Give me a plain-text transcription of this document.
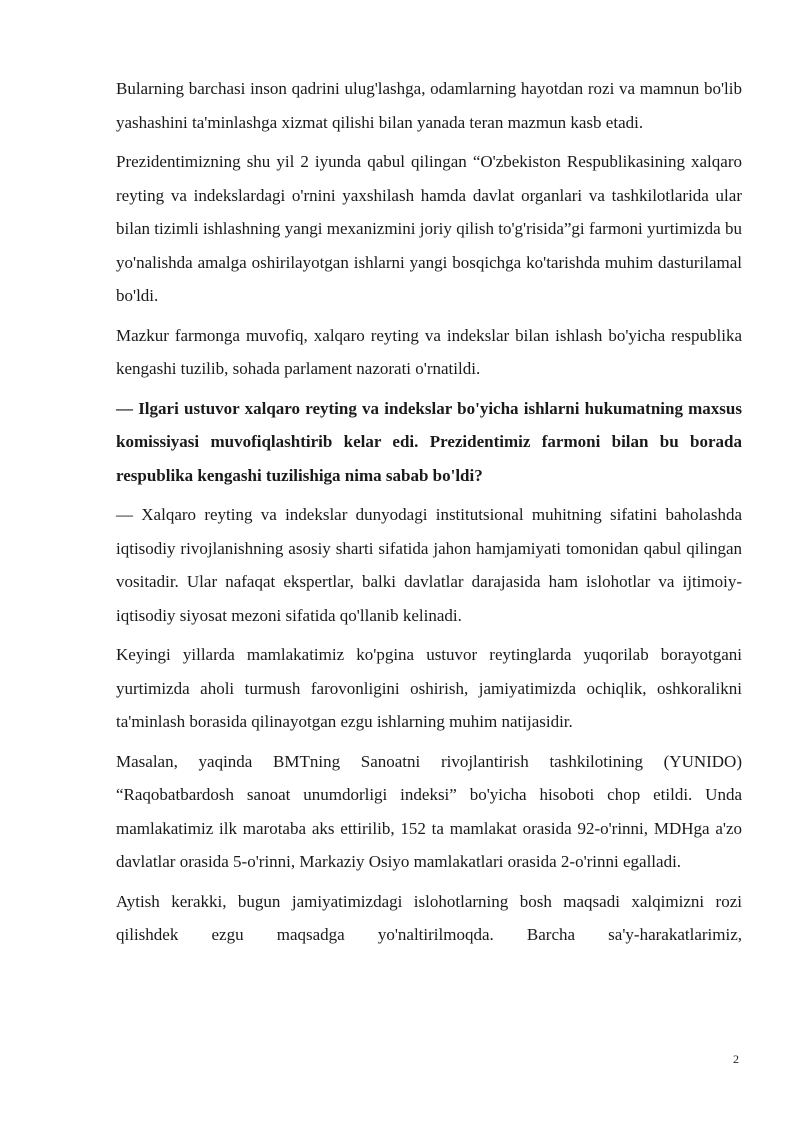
Bularning barchasi inson qadrini ulug'lashga, odamlarning hayotdan rozi va mamnun bo'lib yashashini ta'minlashga xizmat qilishi bilan yanada teran mazmun kasb etadi.

Prezidentimizning shu yil 2 iyunda qabul qilingan “O'zbekiston Respublikasining xalqaro reyting va indekslardagi o'rnini yaxshilash hamda davlat organlari va tashkilotlarida ular bilan tizimli ishlashning yangi mexanizmini joriy qilish to'g'risida”gi farmoni yurtimizda bu yo'nalishda amalga oshirilayotgan ishlarni yangi bosqichga ko'tarishda muhim dasturilamal bo'ldi.

Mazkur farmonga muvofiq, xalqaro reyting va indekslar bilan ishlash bo'yicha respublika kengashi tuzilib, sohada parlament nazorati o'rnatildi.

— Ilgari ustuvor xalqaro reyting va indekslar bo'yicha ishlarni hukumatning maxsus komissiyasi muvofiqlashtirib kelar edi. Prezidentimiz farmoni bilan bu borada respublika kengashi tuzilishiga nima sabab bo'ldi?

— Xalqaro reyting va indekslar dunyodagi institutsional muhitning sifatini baholashda iqtisodiy rivojlanishning asosiy sharti sifatida jahon hamjamiyati tomonidan qabul qilingan vositadir. Ular nafaqat ekspertlar, balki davlatlar darajasida ham islohotlar va ijtimoiy-iqtisodiy siyosat mezoni sifatida qo'llanib kelinadi.

Keyingi yillarda mamlakatimiz ko'pgina ustuvor reytinglarda yuqorilab borayotgani yurtimizda aholi turmush farovonligini oshirish, jamiyatimizda ochiqlik, oshkoralikni ta'minlash borasida qilinayotgan ezgu ishlarning muhim natijasidir.

Masalan, yaqinda BMTning Sanoatni rivojlantirish tashkilotining (YUNIDO) “Raqobatbardosh sanoat unumdorligi indeksi” bo'yicha hisoboti chop etildi. Unda mamlakatimiz ilk marotaba aks ettirilib, 152 ta mamlakat orasida 92-o'rinni, MDHga a'zo davlatlar orasida 5-o'rinni, Markaziy Osiyo mamlakatlari orasida 2-o'rinni egalladi.

Aytish kerakki, bugun jamiyatimizdagi islohotlarning bosh maqsadi xalqimizni rozi qilishdek ezgu maqsadga yo'naltirilmoqda. Barcha sa'y-harakatlarimiz,

2
